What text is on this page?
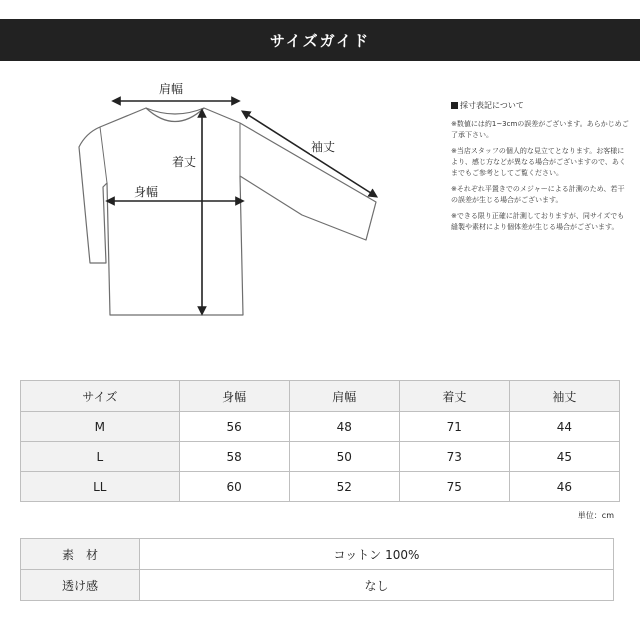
サイズガイド
肩幅
着丈
袖丈
身幅
採寸表記について
※数値には約1~3cmの誤差がございます。あらかじめご了承下さい。
※当店スタッフの個人的な見立てとなります。お客様により、感じ方などが異なる場合がございますので、あくまでもご参考としてご覧ください。
※それぞれ平置きでのメジャーによる計測のため、若干の誤差が生じる場合がございます。
※できる限り正確に計測しておりますが、同サイズでも縫製や素材により個体差が生じる場合がございます。
サイズ	身幅	肩幅	着丈	袖丈
M	56	48	71	44
L	58	50	73	45
LL	60	52	75	46
単位：cm
素　材	コットン 100%
透け感	なし
